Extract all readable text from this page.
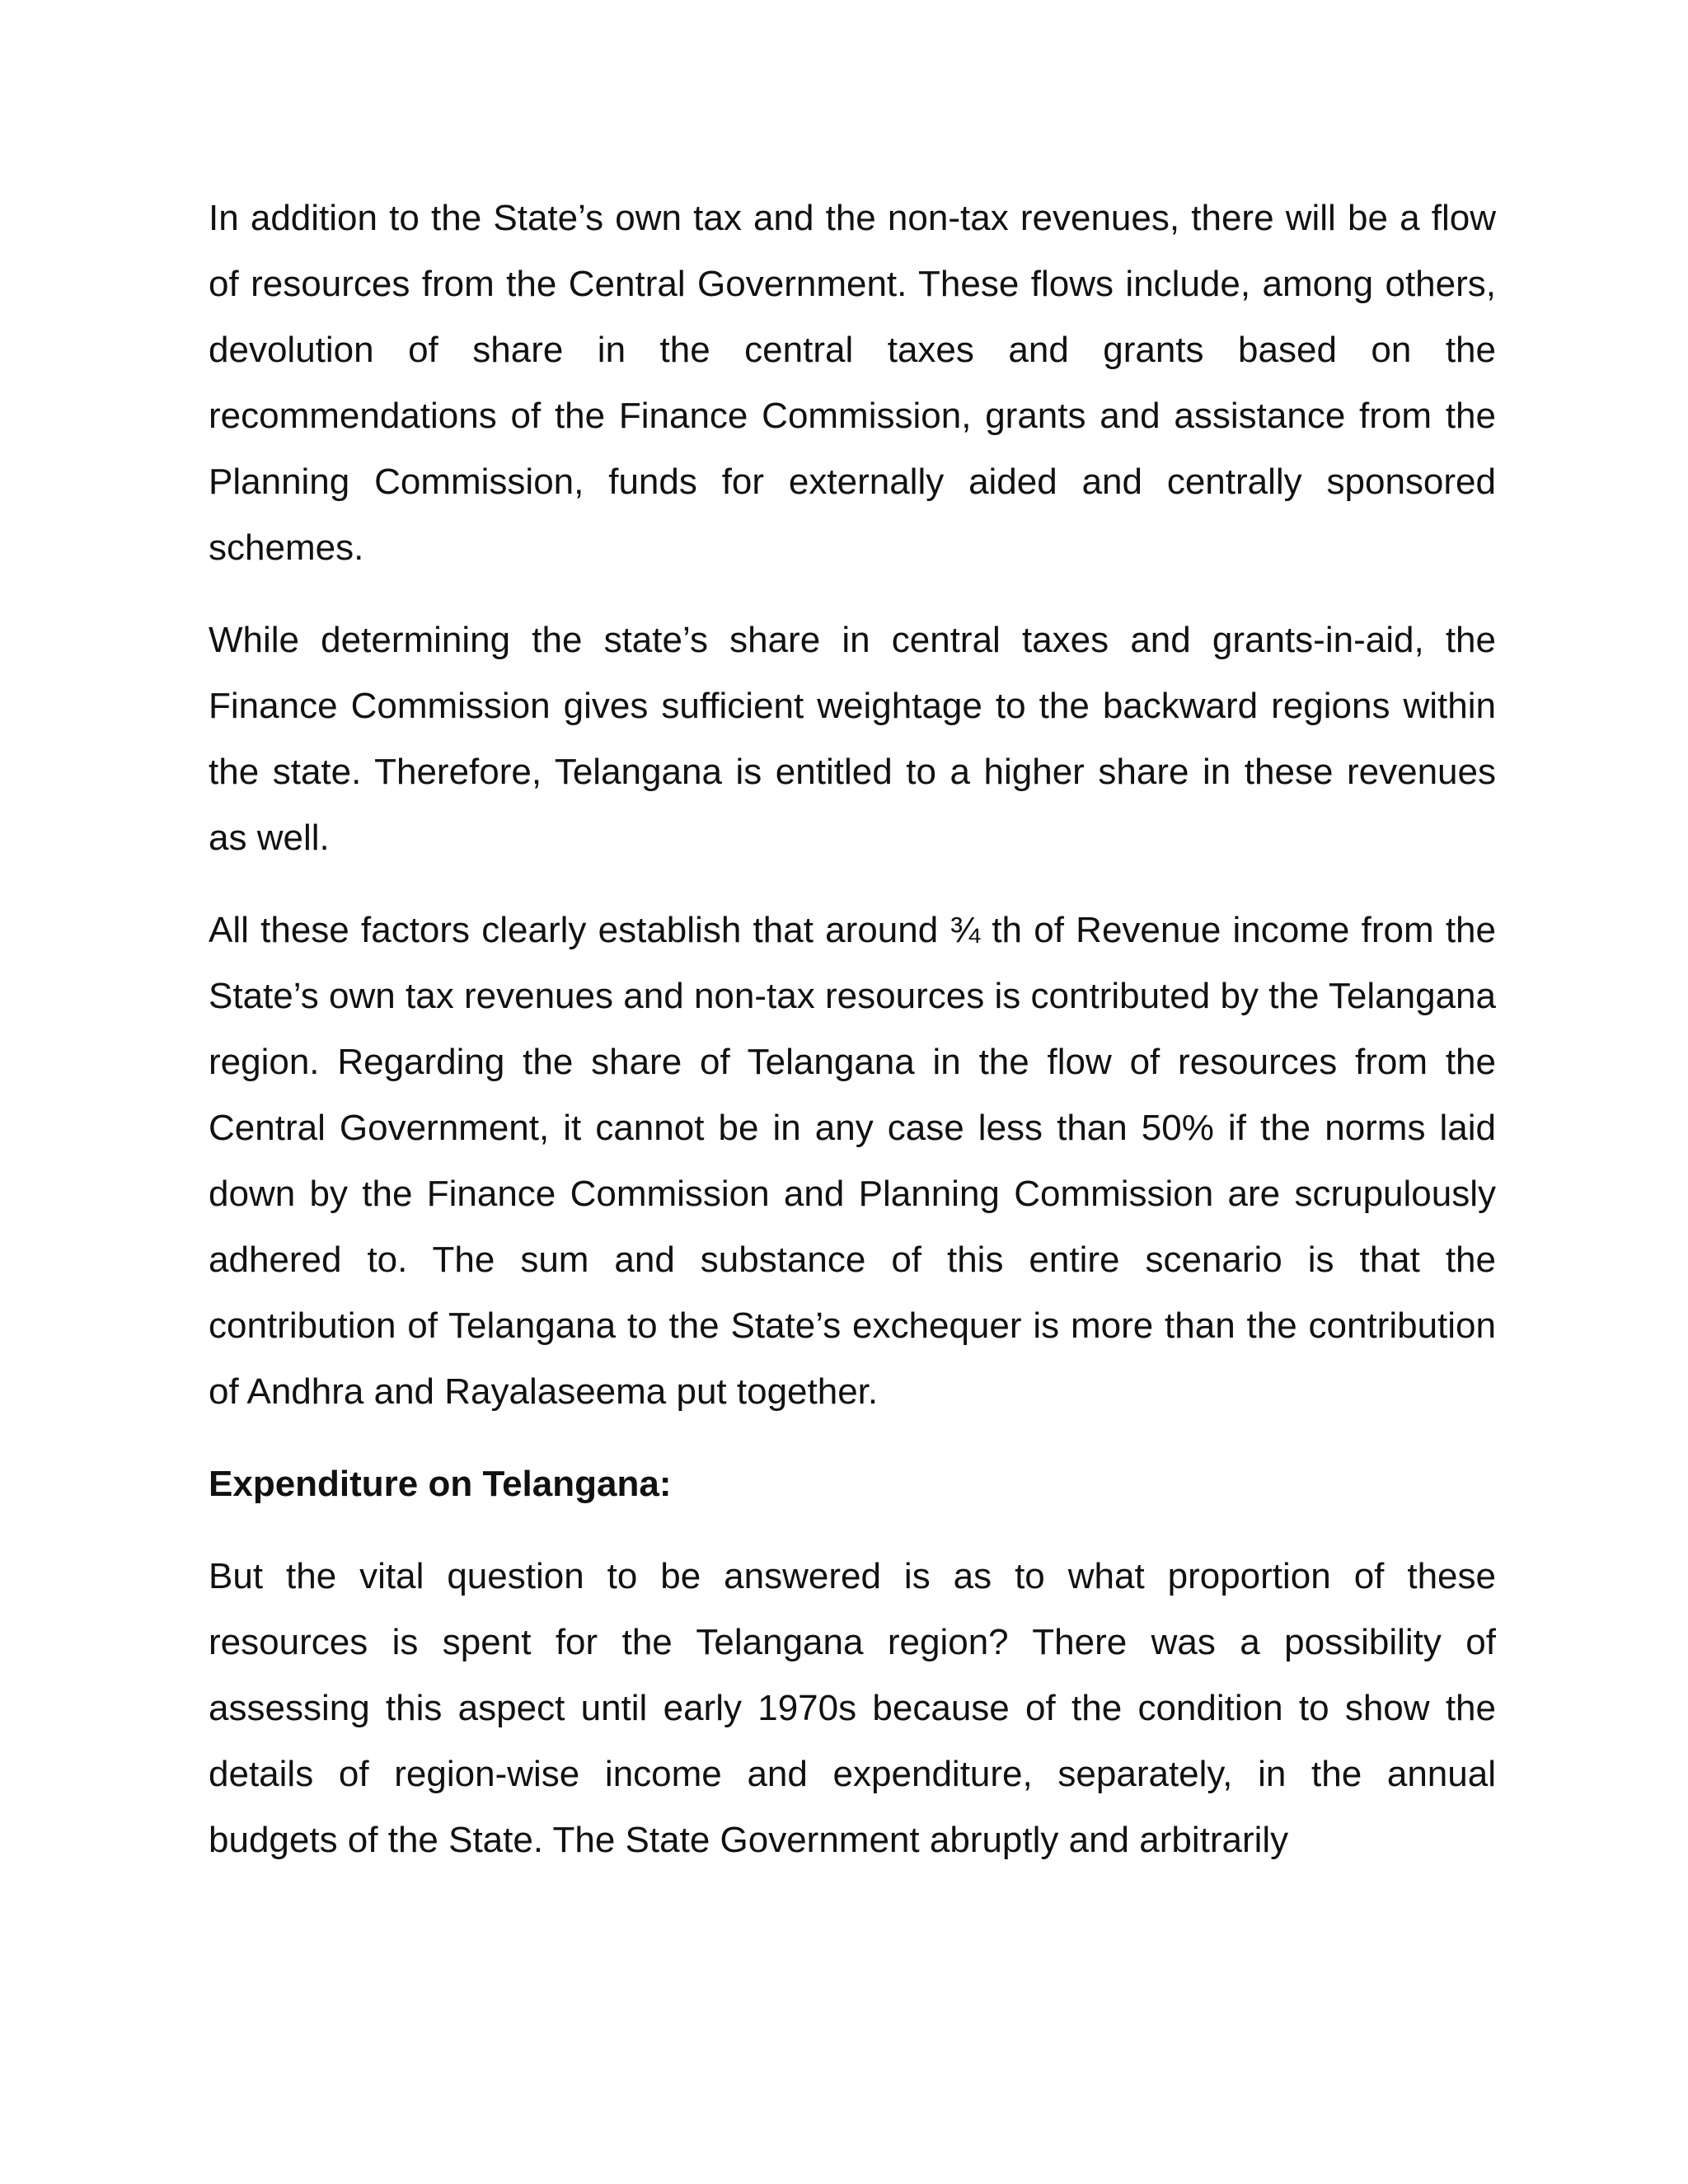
In addition to the State’s own tax and the non-tax revenues, there will be a flow of resources from the Central Government. These flows include, among others, devolution of share in the central taxes and grants based on the recommendations of the Finance Commission, grants and assistance from the Planning Commission, funds for externally aided and centrally sponsored schemes.

While determining the state’s share in central taxes and grants-in-aid, the Finance Commission gives sufficient weightage to the backward regions within the state. Therefore, Telangana is entitled to a higher share in these revenues as well.

All these factors clearly establish that around ¾ th of Revenue income from the State’s own tax revenues and non-tax resources is contributed by the Telangana region. Regarding the share of Telangana in the flow of resources from the Central Government, it cannot be in any case less than 50% if the norms laid down by the Finance Commission and Planning Commission are scrupulously adhered to. The sum and substance of this entire scenario is that the contribution of Telangana to the State’s exchequer is more than the contribution of Andhra and Rayalaseema put together.

Expenditure on Telangana:

But the vital question to be answered is as to what proportion of these resources is spent for the Telangana region? There was a possibility of assessing this aspect until early 1970s because of the condition to show the details of region-wise income and expenditure, separately, in the annual budgets of the State. The State Government abruptly and arbitrarily
